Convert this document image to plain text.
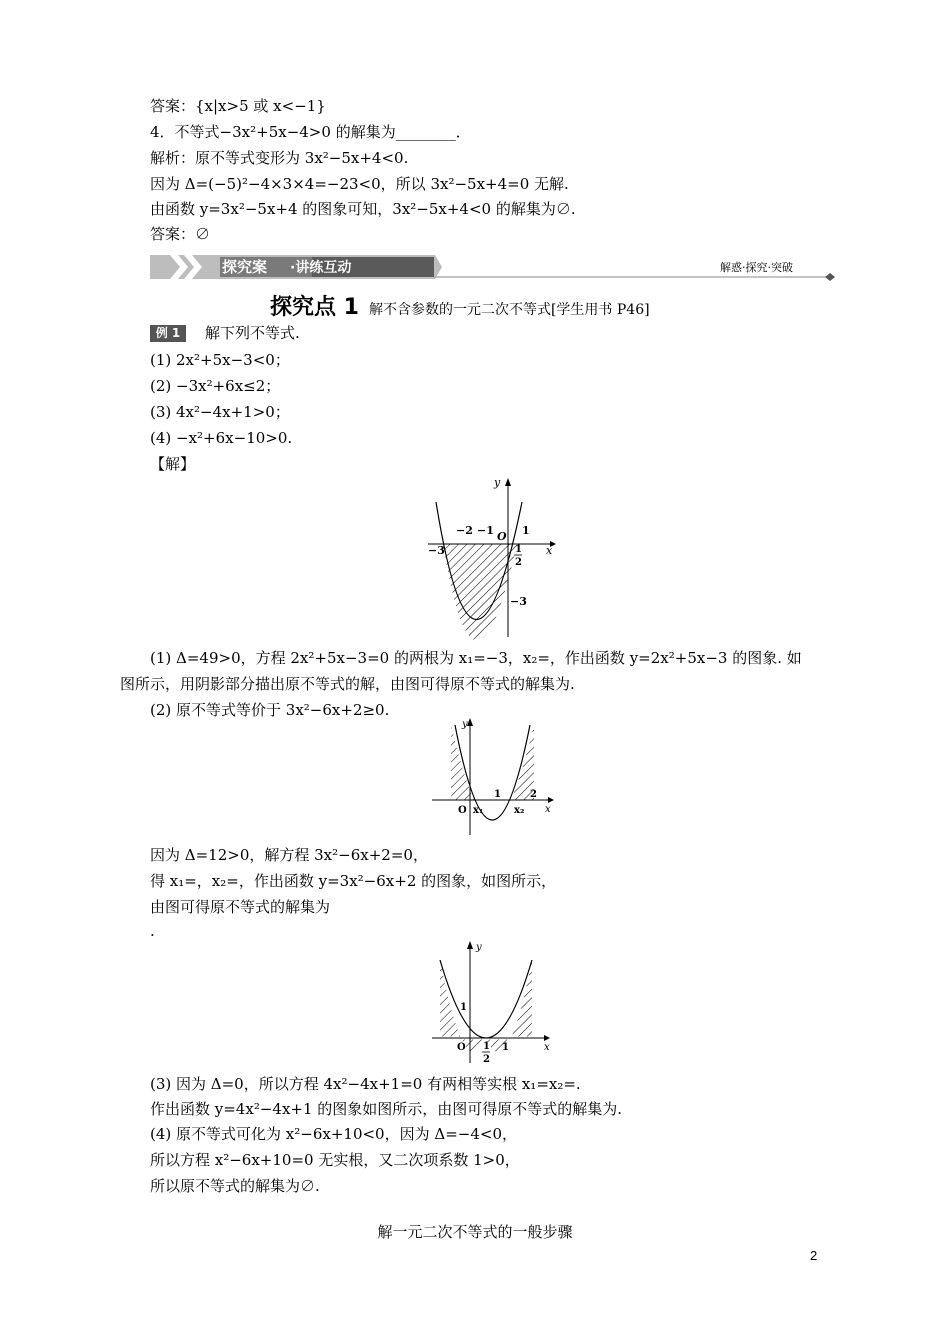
答案：{x|x>5 或 x<−1}
4．不等式−3x²+5x−4>0 的解集为________．
解析：原不等式变形为 3x²−5x+4<0.
因为 Δ=(−5)²−4×3×4=−23<0，所以 3x²−5x+4=0 无解.
由函数 y=3x²−5x+4 的图象可知，3x²−5x+4<0 的解集为∅.
答案：∅
探究案 ·讲练互动	解惑·探究·突破
探究点 1 解不含参数的一元二次不等式[学生用书 P46]
例 1	解下列不等式.
(1) 2x²+5x−3<0；
(2) −3x²+6x≤2；
(3) 4x²−4x+1>0；
(4) −x²+6x−10>0.
【解】
y
x
O
−3
−2 −1	1
1
2
−3
(1) Δ=49>0，方程 2x²+5x−3=0 的两根为 x₁=−3，x₂=，作出函数 y=2x²+5x−3 的图象. 如
图所示，用阴影部分描出原不等式的解，由图可得原不等式的解集为.
(2) 原不等式等价于 3x²−6x+2≥0.
y
x
O x₁	x₂
1	2
因为 Δ=12>0，解方程 3x²−6x+2=0，
得 x₁=，x₂=，作出函数 y=3x²−6x+2 的图象，如图所示，
由图可得原不等式的解集为
.
y
x
O
1
1
1
2
(3) 因为 Δ=0，所以方程 4x²−4x+1=0 有两相等实根 x₁=x₂=.
作出函数 y=4x²−4x+1 的图象如图所示，由图可得原不等式的解集为.
(4) 原不等式可化为 x²−6x+10<0，因为 Δ=−4<0，
所以方程 x²−6x+10=0 无实根，又二次项系数 1>0，
所以原不等式的解集为∅.
解一元二次不等式的一般步骤
2
